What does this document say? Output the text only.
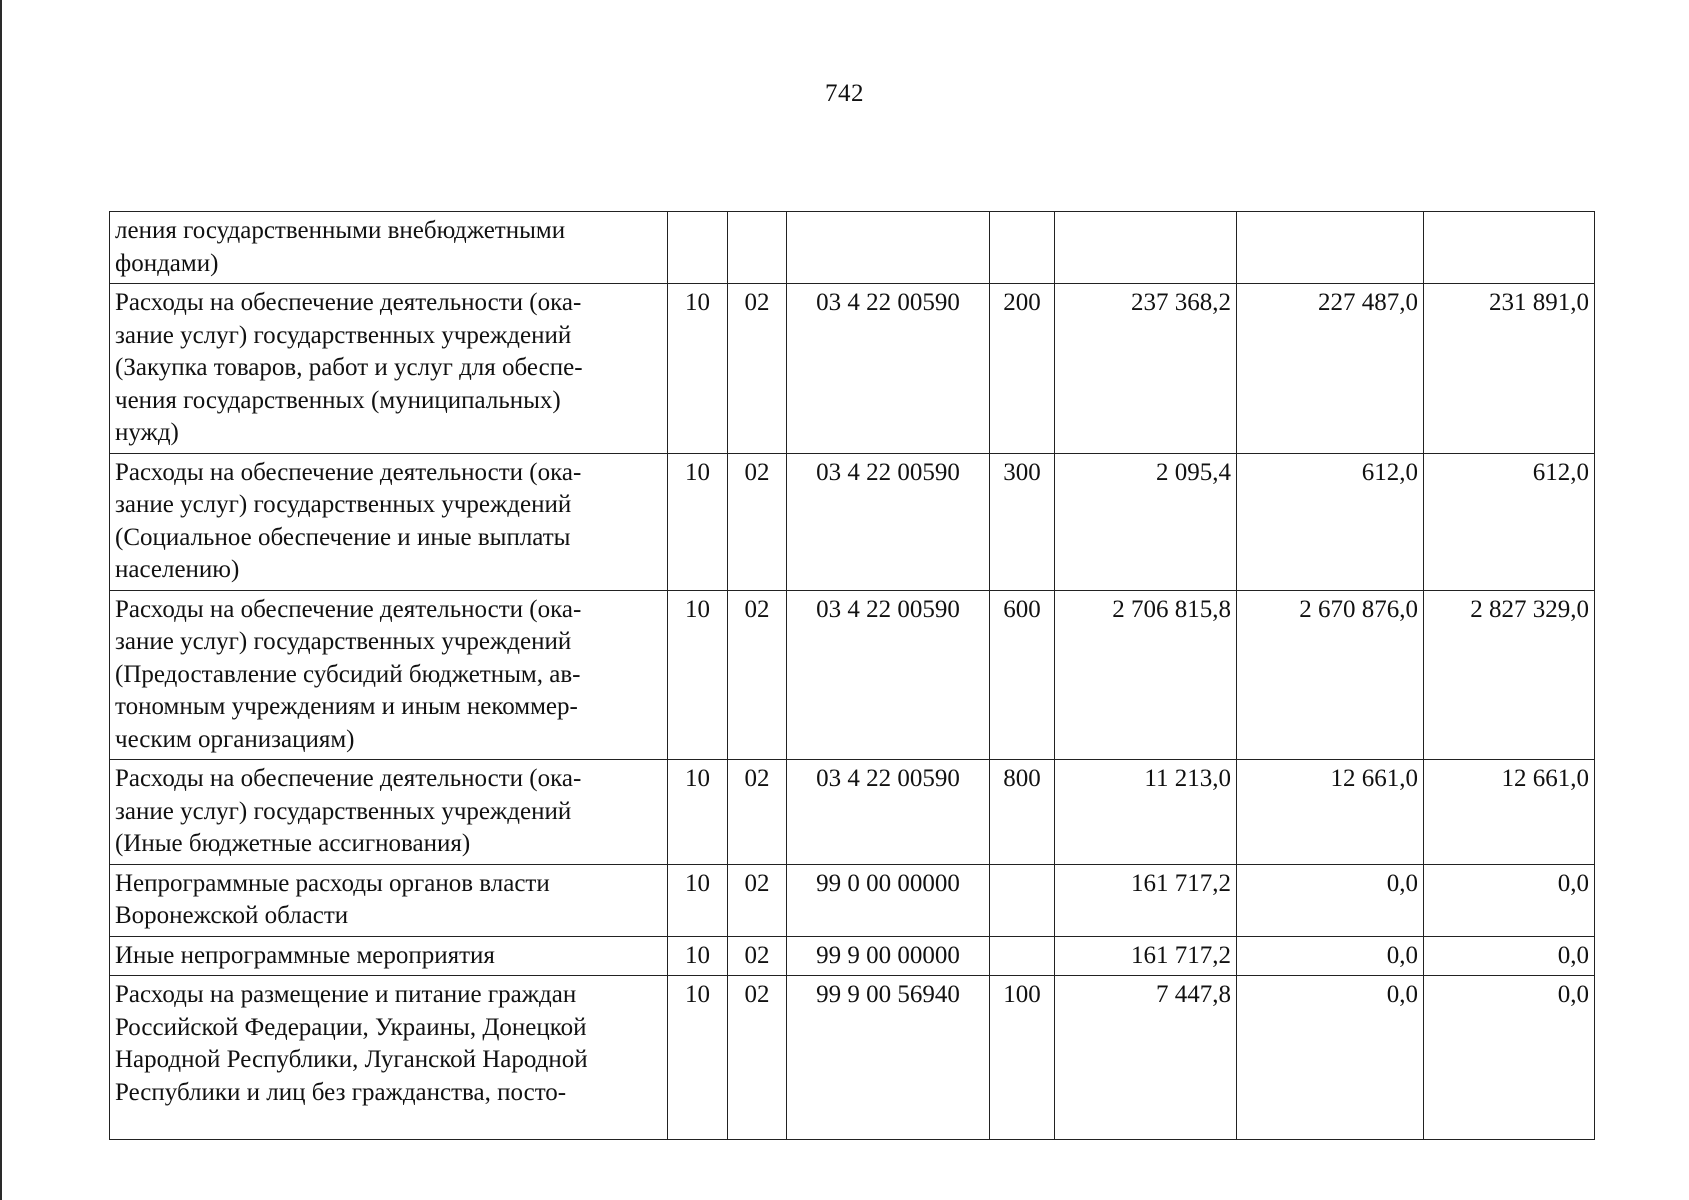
742
ления государственными внебюджетными
фондами)							

Расходы на обеспечение деятельности (ока-
зание услуг) государственных учреждений
(Закупка товаров, работ и услуг для обеспе-
чения государственных (муниципальных)
нужд)	10	02	03 4 22 00590	200	237 368,2	227 487,0	231 891,0

Расходы на обеспечение деятельности (ока-
зание услуг) государственных учреждений
(Социальное обеспечение и иные выплаты
населению)	10	02	03 4 22 00590	300	2 095,4	612,0	612,0

Расходы на обеспечение деятельности (ока-
зание услуг) государственных учреждений
(Предоставление субсидий бюджетным, ав-
тономным учреждениям и иным некоммер-
ческим организациям)	10	02	03 4 22 00590	600	2 706 815,8	2 670 876,0	2 827 329,0

Расходы на обеспечение деятельности (ока-
зание услуг) государственных учреждений
(Иные бюджетные ассигнования)	10	02	03 4 22 00590	800	11 213,0	12 661,0	12 661,0

Непрограммные расходы органов власти
Воронежской области	10	02	99 0 00 00000		161 717,2	0,0	0,0

Иные непрограммные мероприятия	10	02	99 9 00 00000		161 717,2	0,0	0,0

Расходы на размещение и питание граждан
Российской Федерации, Украины, Донецкой
Народной Республики, Луганской Народной
Республики и лиц без гражданства, посто-	10	02	99 9 00 56940	100	7 447,8	0,0	0,0
